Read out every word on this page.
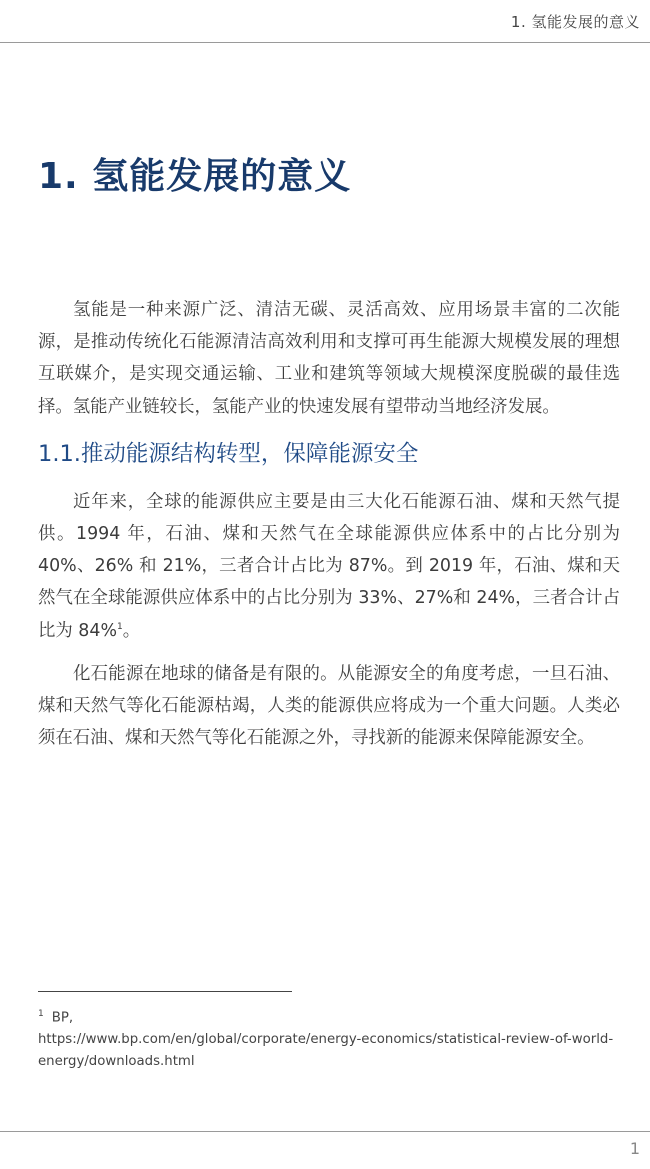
1. 氢能发展的意义
1. 氢能发展的意义

氢能是一种来源广泛、清洁无碳、灵活高效、应用场景丰富的二次能源，是推动传统化石能源清洁高效利用和支撑可再生能源大规模发展的理想互联媒介，是实现交通运输、工业和建筑等领域大规模深度脱碳的最佳选择。氢能产业链较长，氢能产业的快速发展有望带动当地经济发展。

1.1.推动能源结构转型，保障能源安全

近年来，全球的能源供应主要是由三大化石能源石油、煤和天然气提供。1994 年，石油、煤和天然气在全球能源供应体系中的占比分别为 40%、26% 和 21%，三者合计占比为 87%。到 2019 年，石油、煤和天然气在全球能源供应体系中的占比分别为 33%、27%和 24%，三者合计占比为 84%$^1$。

化石能源在地球的储备是有限的。从能源安全的角度考虑，一旦石油、煤和天然气等化石能源枯竭，人类的能源供应将成为一个重大问题。人类必须在石油、煤和天然气等化石能源之外，寻找新的能源来保障能源安全。

$^1$ BP,
https://www.bp.com/en/global/corporate/energy-economics/statistical-review-of-world-energy/downloads.html
1
